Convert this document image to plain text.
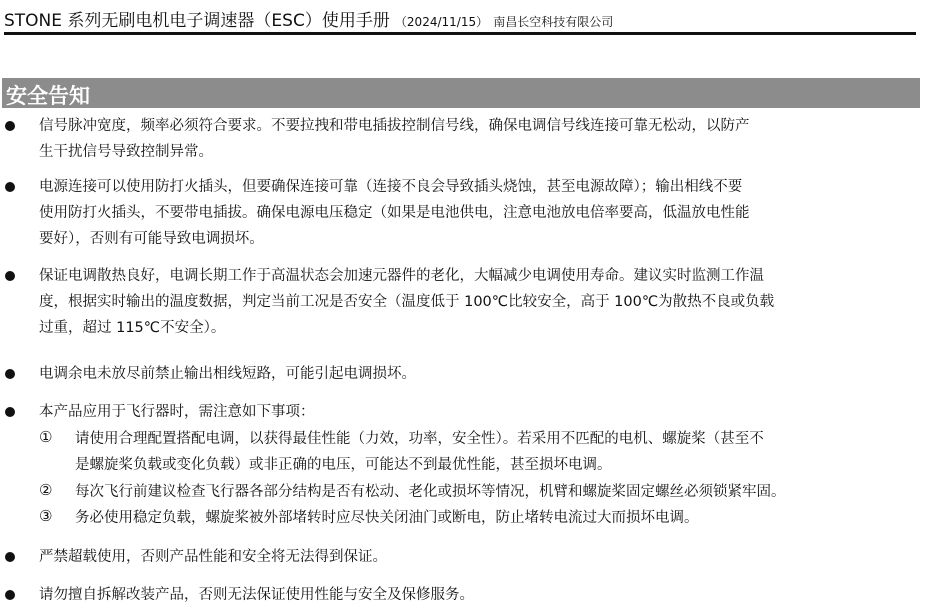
STONE 系列无刷电机电子调速器（ESC）使用手册 （2024/11/15） 南昌长空科技有限公司
安全告知
信号脉冲宽度，频率必须符合要求。不要拉拽和带电插拔控制信号线，确保电调信号线连接可靠无松动，以防产
生干扰信号导致控制异常。
电源连接可以使用防打火插头，但要确保连接可靠（连接不良会导致插头烧蚀，甚至电源故障）；输出相线不要
使用防打火插头，不要带电插拔。确保电源电压稳定（如果是电池供电，注意电池放电倍率要高，低温放电性能
要好），否则有可能导致电调损坏。
保证电调散热良好，电调长期工作于高温状态会加速元器件的老化，大幅减少电调使用寿命。建议实时监测工作温
度，根据实时输出的温度数据，判定当前工况是否安全（温度低于 100℃比较安全，高于 100℃为散热不良或负载
过重，超过 115℃不安全）。
电调余电未放尽前禁止输出相线短路，可能引起电调损坏。
本产品应用于飞行器时，需注意如下事项：
① 请使用合理配置搭配电调，以获得最佳性能（力效，功率，安全性）。若采用不匹配的电机、螺旋桨（甚至不
是螺旋桨负载或变化负载）或非正确的电压，可能达不到最优性能，甚至损坏电调。
② 每次飞行前建议检查飞行器各部分结构是否有松动、老化或损坏等情况，机臂和螺旋桨固定螺丝必须锁紧牢固。
③ 务必使用稳定负载，螺旋桨被外部堵转时应尽快关闭油门或断电，防止堵转电流过大而损坏电调。
严禁超载使用，否则产品性能和安全将无法得到保证。
请勿擅自拆解改装产品，否则无法保证使用性能与安全及保修服务。
